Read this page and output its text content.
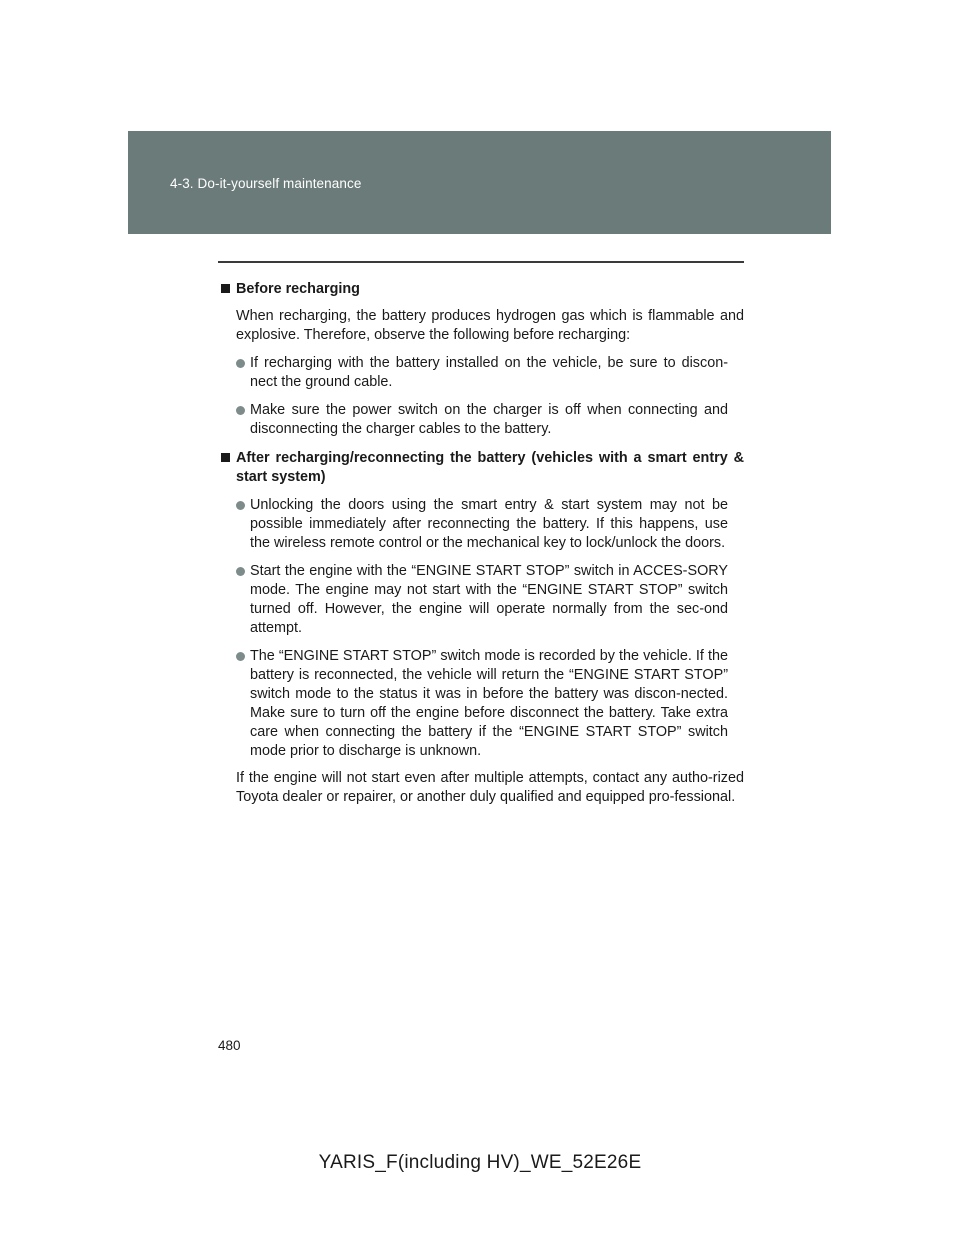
4-3. Do-it-yourself maintenance
Before recharging
When recharging, the battery produces hydrogen gas which is flammable and explosive. Therefore, observe the following before recharging:
If recharging with the battery installed on the vehicle, be sure to discon-nect the ground cable.
Make sure the power switch on the charger is off when connecting and disconnecting the charger cables to the battery.
After recharging/reconnecting the battery (vehicles with a smart entry & start system)
Unlocking the doors using the smart entry & start system may not be possible immediately after reconnecting the battery. If this happens, use the wireless remote control or the mechanical key to lock/unlock the doors.
Start the engine with the “ENGINE START STOP” switch in ACCES-SORY mode. The engine may not start with the “ENGINE START STOP” switch turned off. However, the engine will operate normally from the sec-ond attempt.
The “ENGINE START STOP” switch mode is recorded by the vehicle. If the battery is reconnected, the vehicle will return the “ENGINE START STOP” switch mode to the status it was in before the battery was discon-nected. Make sure to turn off the engine before disconnect the battery. Take extra care when connecting the battery if the “ENGINE START STOP” switch mode prior to discharge is unknown.
If the engine will not start even after multiple attempts, contact any autho-rized Toyota dealer or repairer, or another duly qualified and equipped pro-fessional.
480
YARIS_F(including HV)_WE_52E26E
